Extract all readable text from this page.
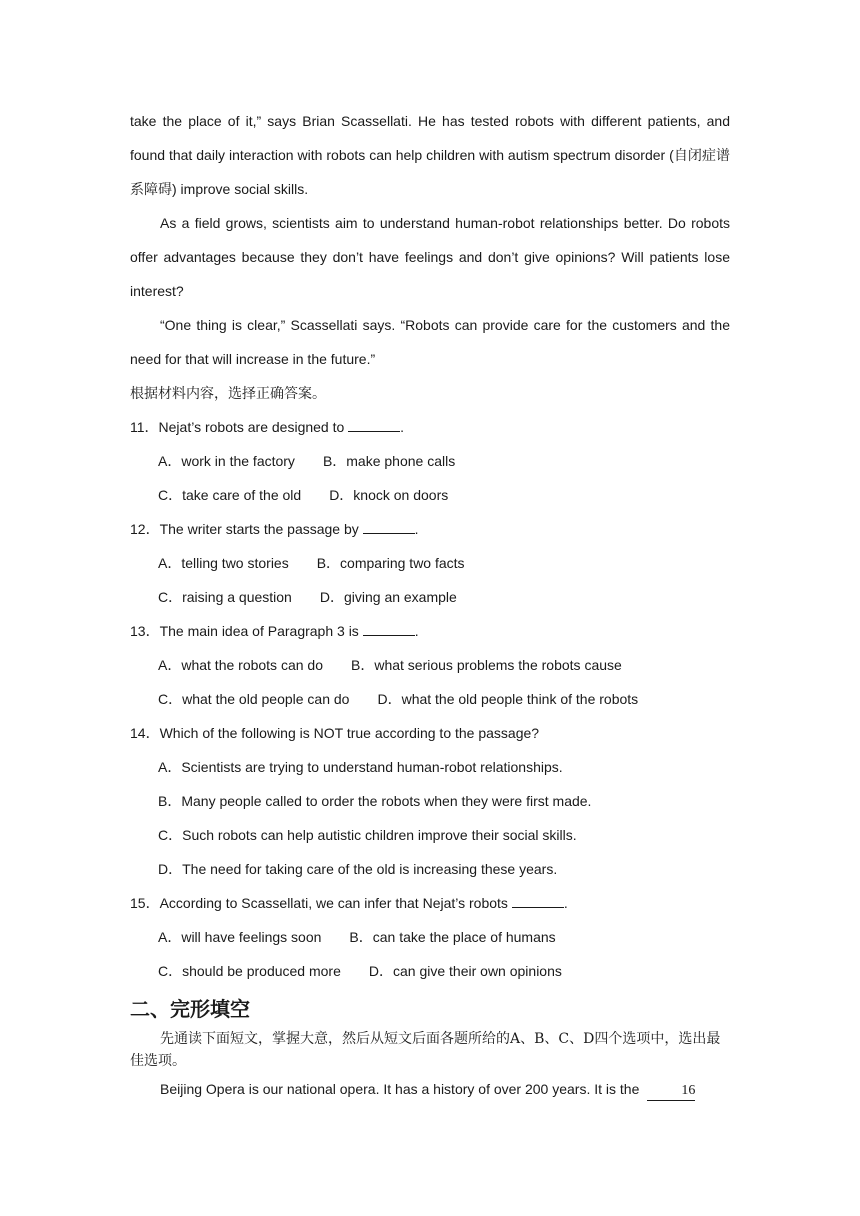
take the place of it,” says Brian Scassellati. He has tested robots with different patients, and found that daily interaction with robots can help children with autism spectrum disorder (自闭症谱系障碍) improve social skills.

As a field grows, scientists aim to understand human-robot relationships better. Do robots offer advantages because they don’t have feelings and don’t give opinions? Will patients lose interest?

“One thing is clear,” Scassellati says. “Robots can provide care for the customers and the need for that will increase in the future.”

根据材料内容，选择正确答案。

11．Nejat’s robots are designed to	.

A．work in the factory B．make phone calls

C．take care of the old D．knock on doors

12．The writer starts the passage by	.

A．telling two stories B．comparing two facts

C．raising a question D．giving an example

13．The main idea of Paragraph 3 is	.

A．what the robots can do B．what serious problems the robots cause

C．what the old people can do D．what the old people think of the robots

14．Which of the following is NOT true according to the passage?

A．Scientists are trying to understand human-robot relationships.

B．Many people called to order the robots when they were first made.

C．Such robots can help autistic children improve their social skills.

D．The need for taking care of the old is increasing these years.

15．According to Scassellati, we can infer that Nejat’s robots	.

A．will have feelings soon B．can take the place of humans

C．should be produced more D．can give their own opinions

二、完形填空

先通读下面短文，掌握大意，然后从短文后面各题所给的A、B、C、D四个选项中，选出最佳选项。

Beijing Opera is our national opera. It has a history of over 200 years. It is the	16
